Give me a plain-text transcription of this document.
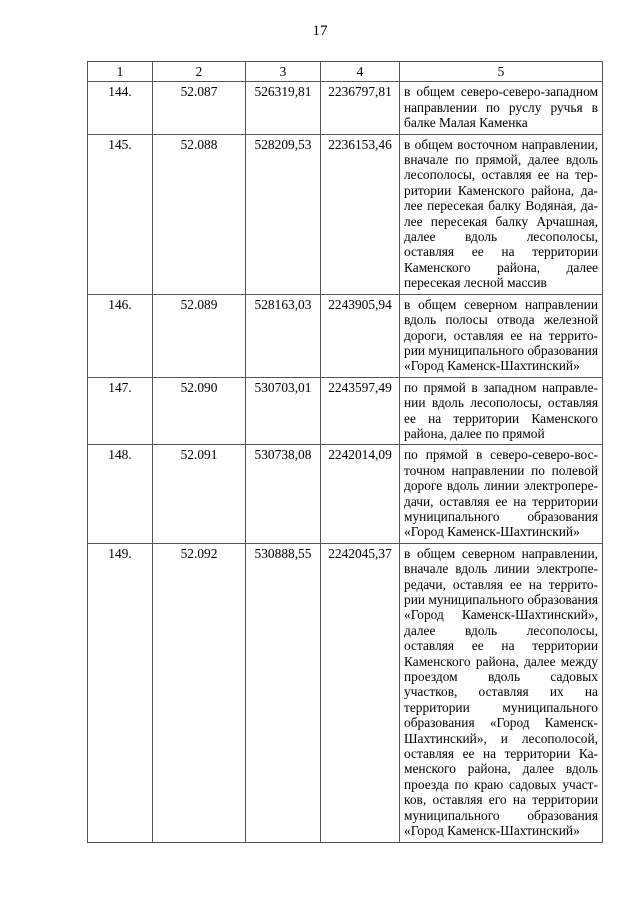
17
1	2	3	4	5
144.	52.087	526319,81	2236797,81	в общем северо-северо-западном направлении по руслу ручья в балке Малая Каменка
145.	52.088	528209,53	2236153,46	в общем восточном направлении, вначале по прямой, далее вдоль лесополосы, оставляя ее на территории Каменского района, далее пересекая балку Водяная, далее пересекая балку Арчашная, далее вдоль лесополосы, оставляя ее на территории Каменского района, далее пересекая лесной массив
146.	52.089	528163,03	2243905,94	в общем северном направлении вдоль полосы отвода железной дороги, оставляя ее на территории муниципального образования «Город Каменск-Шахтинский»
147.	52.090	530703,01	2243597,49	по прямой в западном направлении вдоль лесополосы, оставляя ее на территории Каменского района, далее по прямой
148.	52.091	530738,08	2242014,09	по прямой в северо-северо-восточном направлении по полевой дороге вдоль линии электропередачи, оставляя ее на территории муниципального образования «Город Каменск-Шахтинский»
149.	52.092	530888,55	2242045,37	в общем северном направлении, вначале вдоль линии электропередачи, оставляя ее на территории муниципального образования «Город Каменск-Шахтинский», далее вдоль лесополосы, оставляя ее на территории Каменского района, далее между проездом вдоль садовых участков, оставляя их на территории муниципального образования «Город Каменск-Шахтинский», и лесополосой, оставляя ее на территории Каменского района, далее вдоль проезда по краю садовых участков, оставляя его на территории муниципального образования «Город Каменск-Шахтинский»
